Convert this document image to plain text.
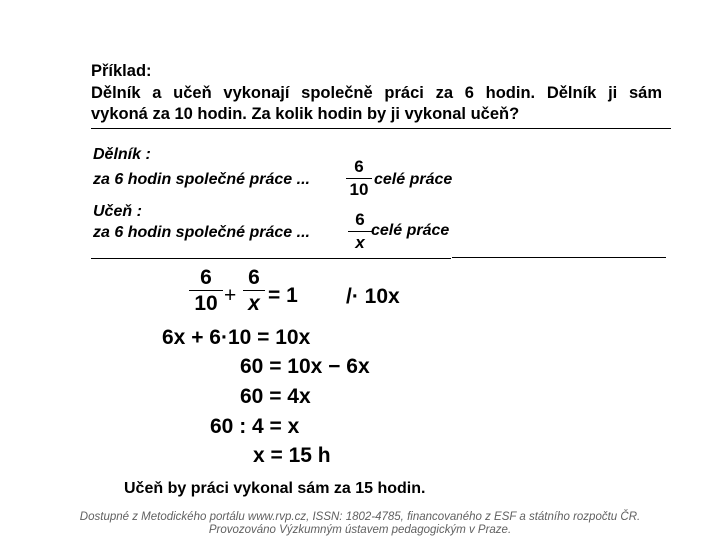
Příklad:
Dělník a učeň vykonají společně práci za 6 hodin. Dělník ji sám
vykoná za 10 hodin. Za kolik hodin by ji vykonal učeň?
Dělník :
za 6 hodin společné práce ...
6
10
celé práce
Učeň :
za 6 hodin společné práce ...
6
x
celé práce
6
10 +
6
x = 1 /· 10x
6x + 6·10 = 10x
60 = 10x − 6x
60 = 4x
60 : 4 = x
x = 15 h
Učeň by práci vykonal sám za 15 hodin.
Dostupné z Metodického portálu www.rvp.cz, ISSN: 1802-4785, financovaného z ESF a státního rozpočtu ČR.
Provozováno Výzkumným ústavem pedagogickým v Praze.
